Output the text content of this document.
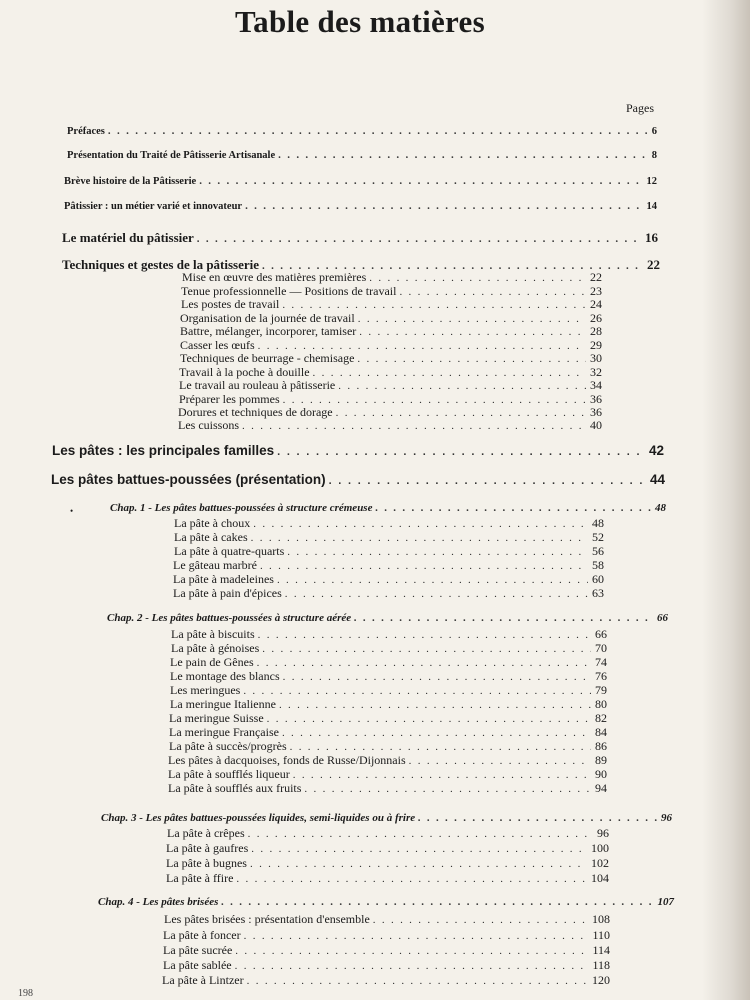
Table des matières
Pages
Préfaces . . .	6
Présentation du Traité de Pâtisserie Artisanale . . .	8
Brève histoire de la Pâtisserie . . .	12
Pâtissier : un métier varié et innovateur . . .	14
Le matériel du pâtissier . . .	16
Techniques et gestes de la pâtisserie . . .	22
Mise en œuvre des matières premières . . .	22
Tenue professionnelle — Positions de travail . . .	23
Les postes de travail . . .	24
Organisation de la journée de travail . . .	26
Battre, mélanger, incorporer, tamiser . . .	28
Casser les œufs . . .	29
Techniques de beurrage - chemisage . . .	30
Travail à la poche à douille . . .	32
Le travail au rouleau à pâtisserie . . .	34
Préparer les pommes . . .	36
Dorures et techniques de dorage . . .	36
Les cuissons . . .	40
Les pâtes : les principales familles . . .	42
Les pâtes battues-poussées (présentation) . . .	44
•	Chap. 1 - Les pâtes battues-poussées à structure crémeuse . . .	48
La pâte à choux . . .	48
La pâte à cakes . . .	52
La pâte à quatre-quarts . . .	56
Le gâteau marbré . . .	58
La pâte à madeleines . . .	60
La pâte à pain d'épices . . .	63
Chap. 2 - Les pâtes battues-poussées à structure aérée . . .	66
La pâte à biscuits . . .	66
La pâte à génoises . . .	70
Le pain de Gênes . . .	74
Le montage des blancs . . .	76
Les meringues . . .	79
La meringue Italienne . . .	80
La meringue Suisse . . .	82
La meringue Française . . .	84
La pâte à succès/progrès . . .	86
Les pâtes à dacquoises, fonds de Russe/Dijonnais . . .	89
La pâte à soufflés liqueur . . .	90
La pâte à soufflés aux fruits . . .	94
Chap. 3 - Les pâtes battues-poussées liquides, semi-liquides ou à frire . . .	96
La pâte à crêpes . . .	96
La pâte à gaufres . . .	100
La pâte à bugnes . . .	102
La pâte à ffire . . .	104
Chap. 4 - Les pâtes brisées . . .	107
Les pâtes brisées : présentation d'ensemble . . .	108
La pâte à foncer . . .	110
La pâte sucrée . . .	114
La pâte sablée . . .	118
La pâte à Lintzer . . .	120
198
